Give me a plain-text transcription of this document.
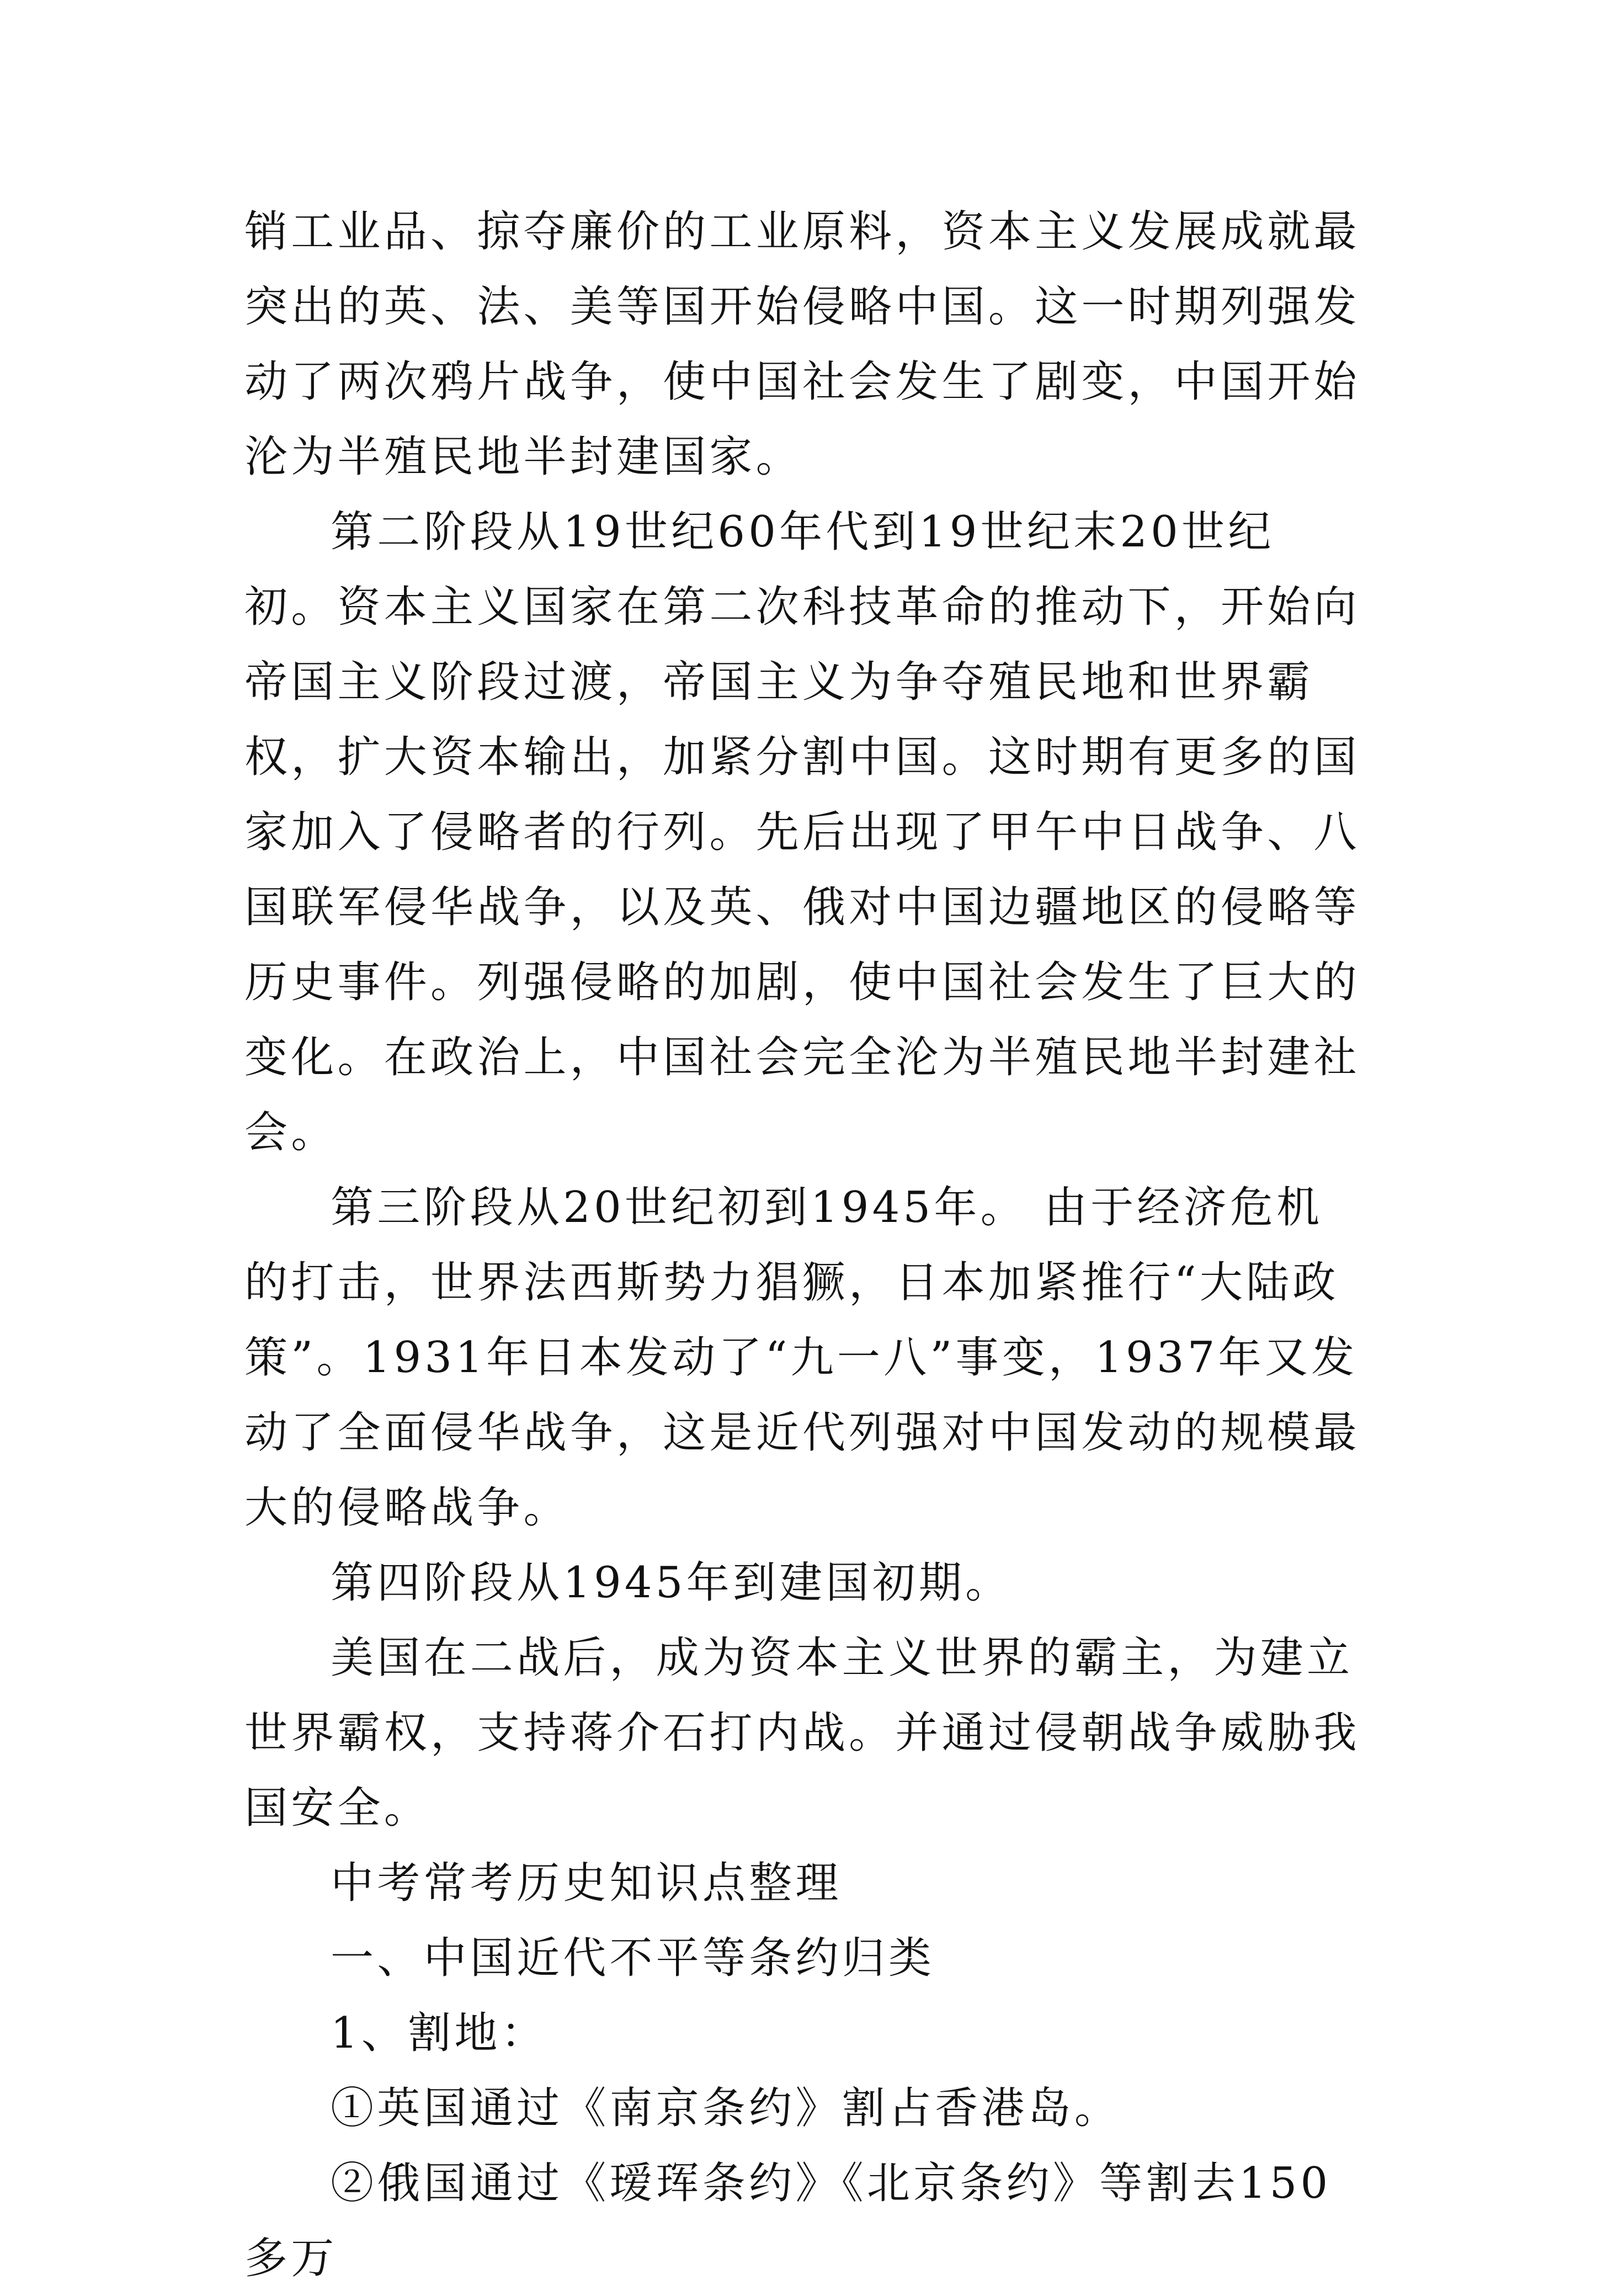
销工业品、掠夺廉价的工业原料，资本主义发展成就最突出的英、法、美等国开始侵略中国。这一时期列强发动了两次鸦片战争，使中国社会发生了剧变，中国开始沦为半殖民地半封建国家。

第二阶段从19世纪60年代到19世纪末20世纪初。资本主义国家在第二次科技革命的推动下，开始向帝国主义阶段过渡，帝国主义为争夺殖民地和世界霸权，扩大资本输出，加紧分割中国。这时期有更多的国家加入了侵略者的行列。先后出现了甲午中日战争、八国联军侵华战争，以及英、俄对中国边疆地区的侵略等历史事件。列强侵略的加剧，使中国社会发生了巨大的变化。在政治上，中国社会完全沦为半殖民地半封建社会。

第三阶段从20世纪初到1945年。 由于经济危机的打击，世界法西斯势力猖獗，日本加紧推行“大陆政策”。1931年日本发动了“九一八”事变，1937年又发动了全面侵华战争，这是近代列强对中国发动的规模最大的侵略战争。

第四阶段从1945年到建国初期。

美国在二战后，成为资本主义世界的霸主，为建立世界霸权，支持蒋介石打内战。并通过侵朝战争威胁我国安全。

中考常考历史知识点整理

一、中国近代不平等条约归类

1、割地：

①英国通过《南京条约》割占香港岛。

②俄国通过《瑷珲条约》《北京条约》等割去150多万
